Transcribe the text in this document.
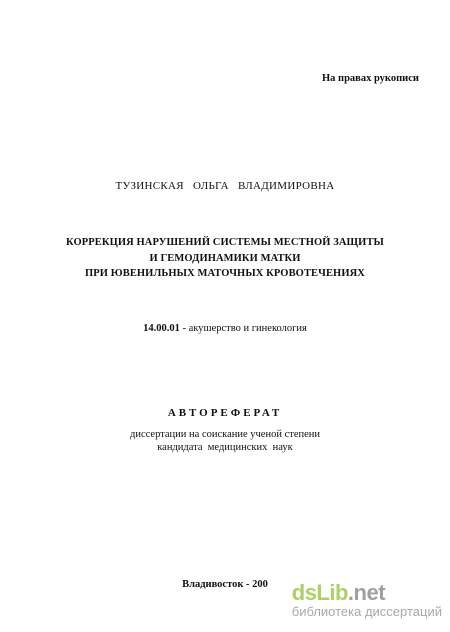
На правах рукописи
ТУЗИНСКАЯ   ОЛЬГА   ВЛАДИМИРОВНА
КОРРЕКЦИЯ НАРУШЕНИЙ СИСТЕМЫ МЕСТНОЙ ЗАЩИТЫ
И ГЕМОДИНАМИКИ МАТКИ
ПРИ ЮВЕНИЛЬНЫХ МАТОЧНЫХ КРОВОТЕЧЕНИЯХ
14.00.01 - акушерство и гинекология
АВТОРЕФЕРАТ
диссертации на соискание ученой степени
кандидата  медицинских  наук
Владивосток - 200	dsLib.net
библиотека диссертаций
